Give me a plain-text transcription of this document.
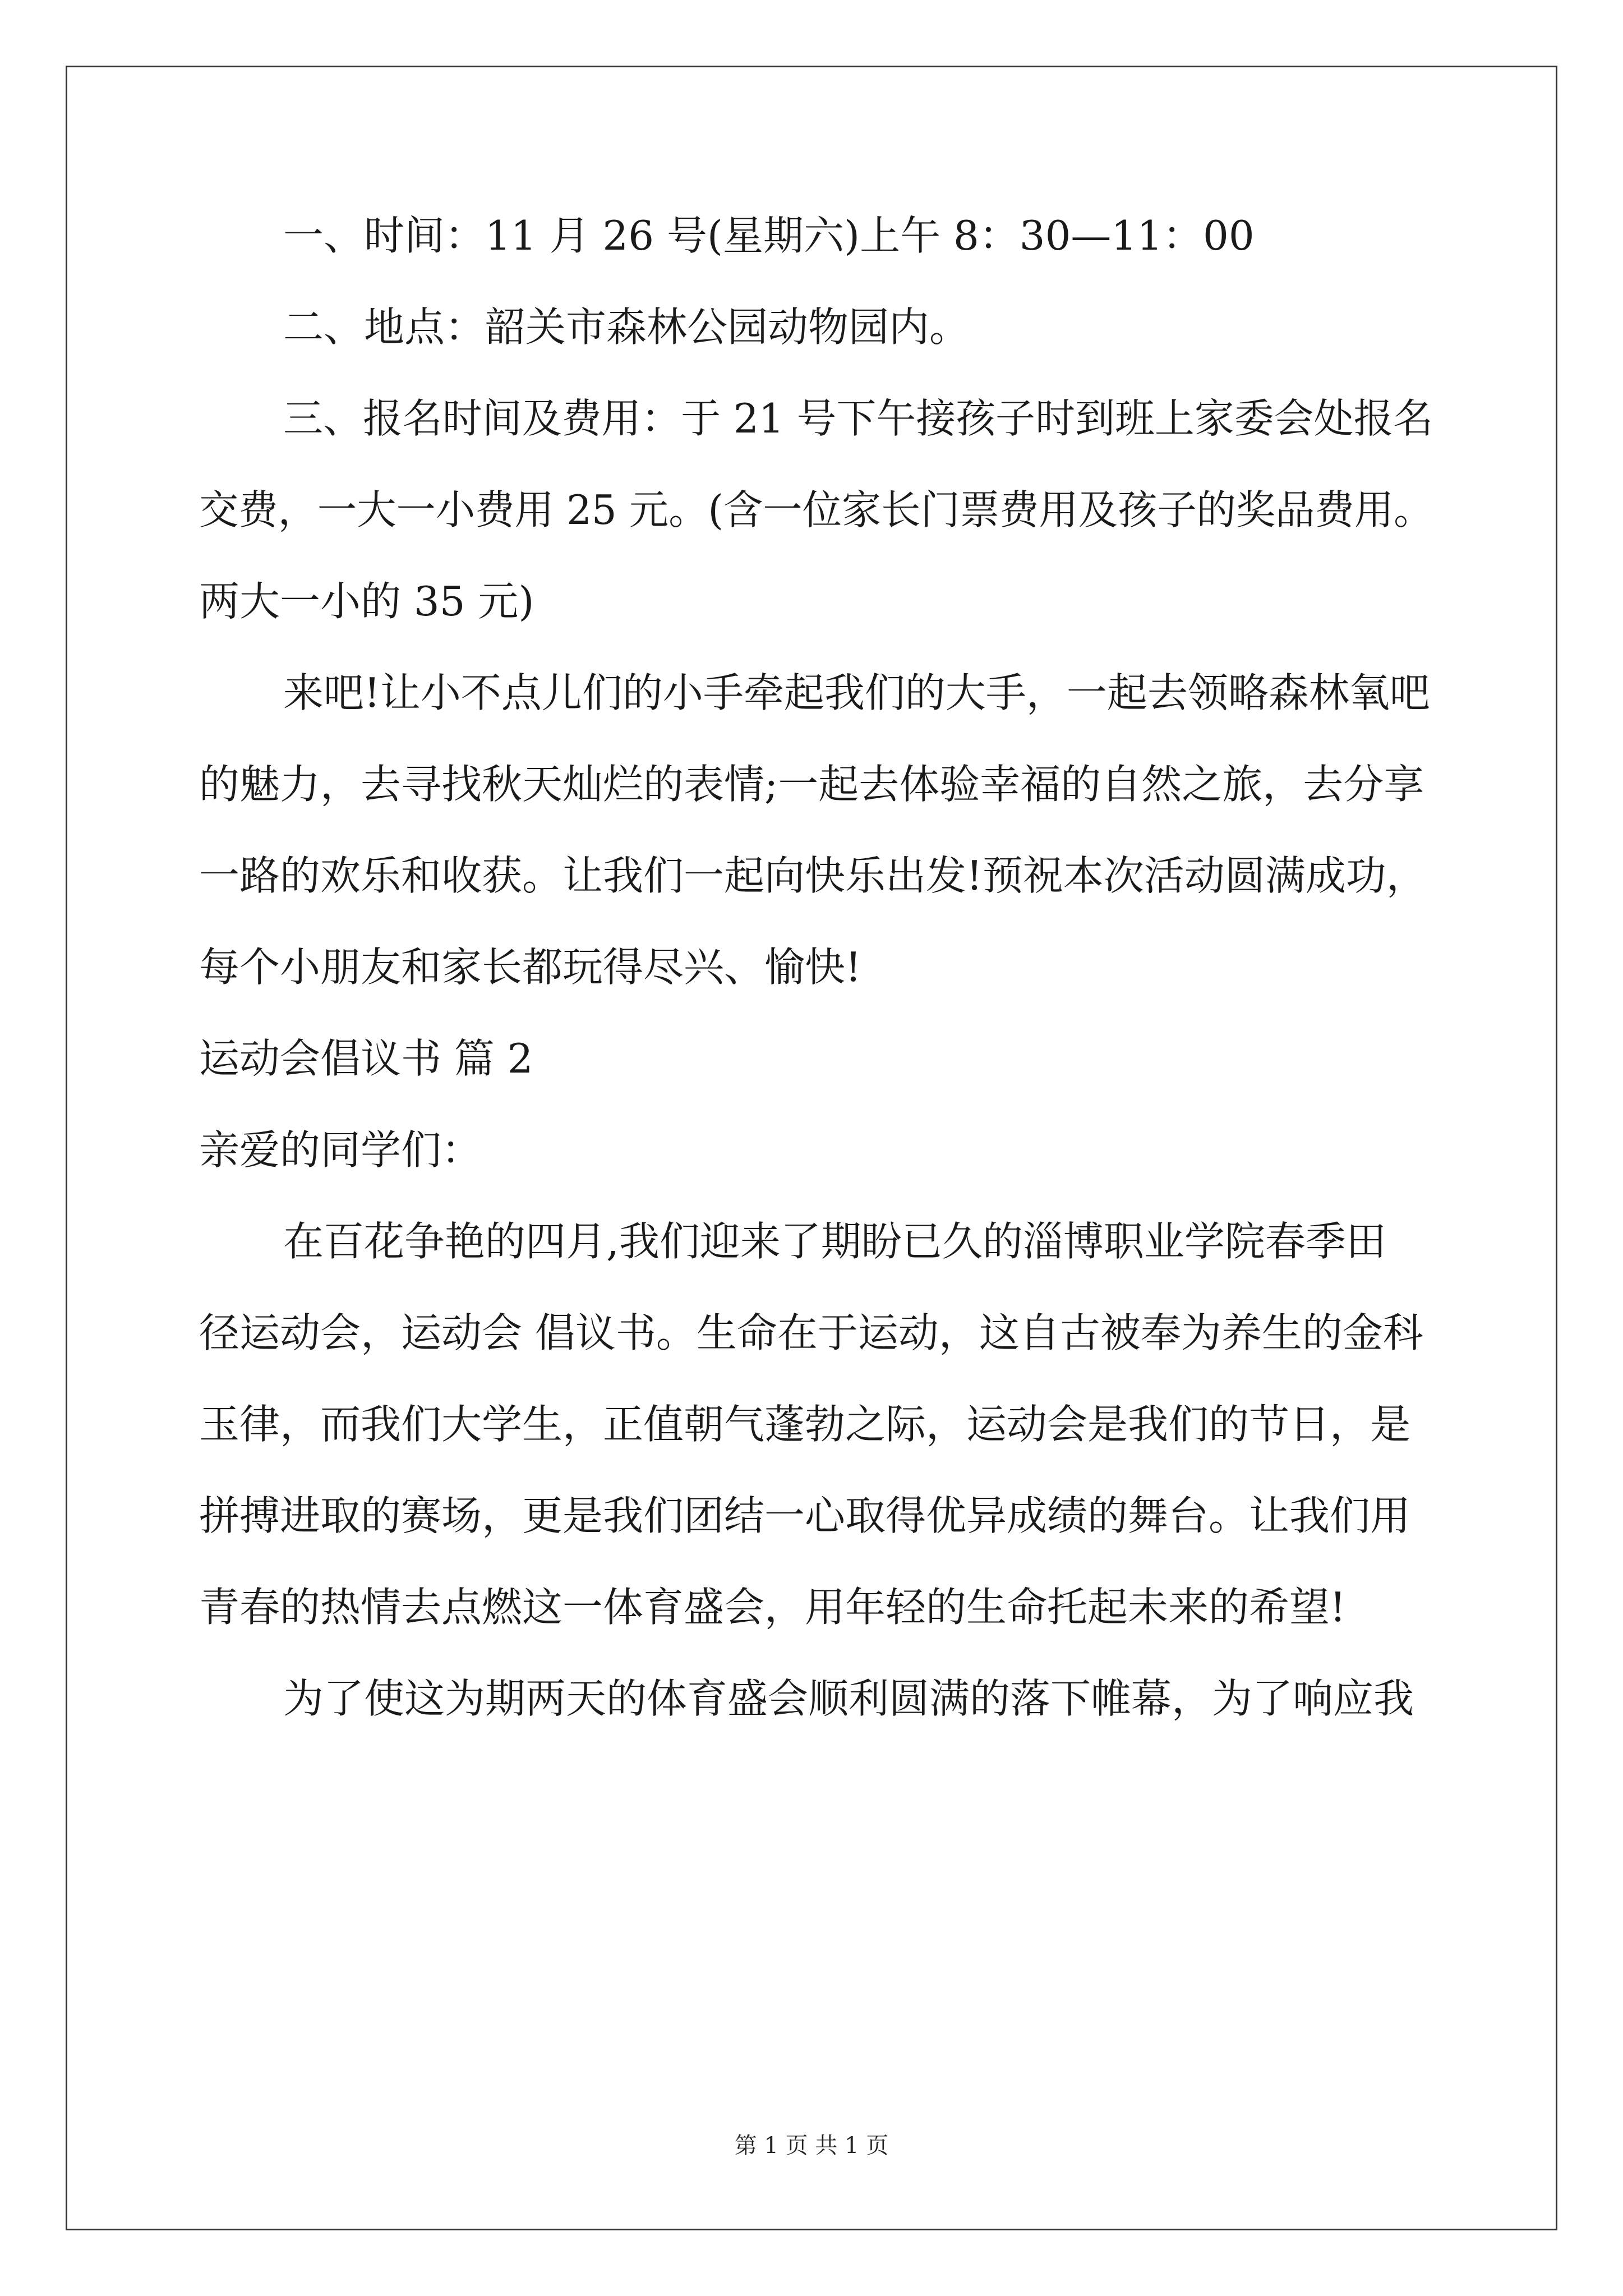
一、时间：11 月 26 号(星期六)上午 8：30—11：00
二、地点：韶关市森林公园动物园内。
三、报名时间及费用：于 21 号下午接孩子时到班上家委会处报名
交费，一大一小费用 25 元。(含一位家长门票费用及孩子的奖品费用。
两大一小的 35 元)
来吧!让小不点儿们的小手牵起我们的大手，一起去领略森林氧吧
的魅力，去寻找秋天灿烂的表情;一起去体验幸福的自然之旅，去分享
一路的欢乐和收获。让我们一起向快乐出发!预祝本次活动圆满成功，
每个小朋友和家长都玩得尽兴、愉快!
运动会倡议书 篇 2
亲爱的同学们：
在百花争艳的四月,我们迎来了期盼已久的淄博职业学院春季田
径运动会，运动会 倡议书。生命在于运动，这自古被奉为养生的金科
玉律，而我们大学生，正值朝气蓬勃之际，运动会是我们的节日，是
拼搏进取的赛场，更是我们团结一心取得优异成绩的舞台。让我们用
青春的热情去点燃这一体育盛会，用年轻的生命托起未来的希望!
为了使这为期两天的体育盛会顺利圆满的落下帷幕，为了响应我
第 1 页 共 1 页
